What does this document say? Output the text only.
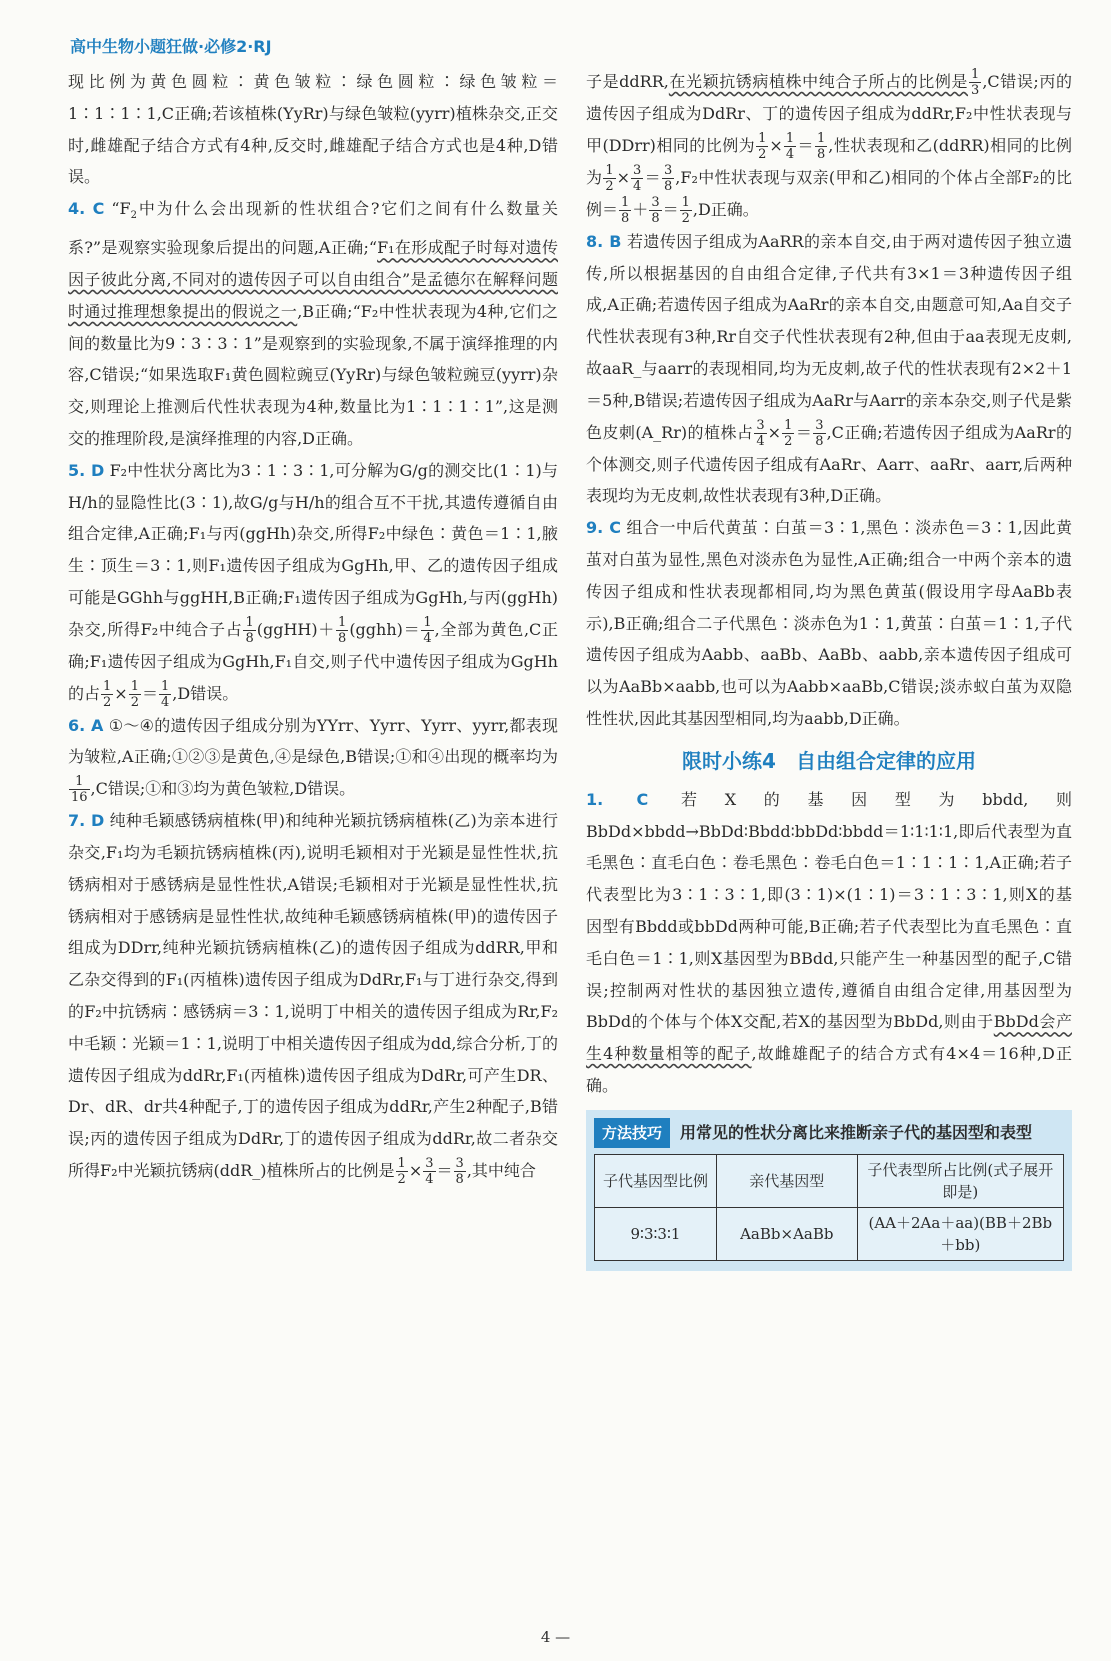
高中生物小题狂做·必修2·RJ

现比例为黄色圆粒∶黄色皱粒∶绿色圆粒∶绿色皱粒＝1∶1∶1∶1,C正确;若该植株(YyRr)与绿色皱粒(yyrr)植株杂交,正交时,雌雄配子结合方式有4种,反交时,雌雄配子结合方式也是4种,D错误。

4. C “$F_2$中为什么会出现新的性状组合?它们之间有什么数量关系?”是观察实验现象后提出的问题,A正确;“F₁在形成配子时每对遗传因子彼此分离,不同对的遗传因子可以自由组合”是孟德尔在解释问题时通过推理想象提出的假说之一,B正确;“F₂中性状表现为4种,它们之间的数量比为9∶3∶3∶1”是观察到的实验现象,不属于演绎推理的内容,C错误;“如果选取F₁黄色圆粒豌豆(YyRr)与绿色皱粒豌豆(yyrr)杂交,则理论上推测后代性状表现为4种,数量比为1∶1∶1∶1”,这是测交的推理阶段,是演绎推理的内容,D正确。

5. D F₂中性状分离比为3∶1∶3∶1,可分解为G/g的测交比(1∶1)与H/h的显隐性比(3∶1),故G/g与H/h的组合互不干扰,其遗传遵循自由组合定律,A正确;F₁与丙(ggHh)杂交,所得F₂中绿色∶黄色＝1∶1,腋生∶顶生＝3∶1,则F₁遗传因子组成为GgHh,甲、乙的遗传因子组成可能是GGhh与ggHH,B正确;F₁遗传因子组成为GgHh,与丙(ggHh)杂交,所得F₂中纯合子占 $\frac{1}{8}$ (ggHH)＋ $\frac{1}{8}$ (gghh)＝ $\frac{1}{4}$ ,全部为黄色,C正确;F₁遗传因子组成为GgHh,F₁自交,则子代中遗传因子组成为GgHh的占 $\frac{1}{2} \times \frac{1}{2} = \frac{1}{4} ,D$错误。

6. A ①～④的遗传因子组成分别为YYrr、Yyrr、Yyrr、yyrr,都表现为皱粒,A正确;①②③是黄色,④是绿色,B错误;①和④出现的概率均为
$\frac{1}{16} ,C$错误;①和③均为黄色皱粒,D错误。

7. D 纯种毛颖感锈病植株(甲)和纯种光颖抗锈病植株(乙)为亲本进行杂交,F₁均为毛颖抗锈病植株(丙),说明毛颖相对于光颖是显性性状,抗锈病相对于感锈病是显性性状,A错误;毛颖相对于光颖是显性性状,抗锈病相对于感锈病是显性性状,故纯种毛颖感锈病植株(甲)的遗传因子组成为DDrr,纯种光颖抗锈病植株(乙)的遗传因子组成为ddRR,甲和乙杂交得到的F₁(丙植株)遗传因子组成为DdRr,F₁与丁进行杂交,得到的F₂中抗锈病∶感锈病＝3∶1,说明丁中相关的遗传因子组成为Rr,F₂中毛颖∶光颖＝1∶1,说明丁中相关遗传因子组成为dd,综合分析,丁的遗传因子组成为ddRr,F₁(丙植株)遗传因子组成为DdRr,可产生DR、Dr、dR、dr共4种配子,丁的遗传因子组成为ddRr,产生2种配子,B错误;丙的遗传因子组成为DdRr,丁的遗传因子组成为ddRr,故二者杂交所得F₂中光颖抗锈病(ddR_)植株所占的比例是 $\frac{1}{2} \times \frac{3}{4} = \frac{3}{8}$ ,其中纯合

子是ddRR,在光颖抗锈病植株中纯合子所占的比例是 $\frac{1}{3} ,C$错误;丙的遗传因子组成为DdRr、丁的遗传因子组成为ddRr,F₂中性状表现与甲(DDrr)相同的比例为 $\frac{1}{2} \times \frac{1}{4} = \frac{1}{8}$ ,性状表现和乙(ddRR)相同的比例为 $\frac{1}{2} \times \frac{3}{4} = \frac{3}{8} ,F_2$中性状表现与双亲(甲和乙)相同的个体占全部F₂的比例＝ $\frac{1}{8} + \frac{3}{8} = \frac{1}{2} ,D$正确。

8. B 若遗传因子组成为AaRR的亲本自交,由于两对遗传因子独立遗传,所以根据基因的自由组合定律,子代共有3×1＝3种遗传因子组成,A正确;若遗传因子组成为AaRr的亲本自交,由题意可知,Aa自交子代性状表现有3种,Rr自交子代性状表现有2种,但由于aa表现无皮刺,故aaR_与aarr的表现相同,均为无皮刺,故子代的性状表现有2×2＋1＝5种,B错误;若遗传因子组成为AaRr与Aarr的亲本杂交,则子代是紫色皮刺(A_Rr)的植株占 $\frac{3}{4} \times \frac{1}{2} = \frac{3}{8} ,C$正确;若遗传因子组成为AaRr的个体测交,则子代遗传因子组成有AaRr、Aarr、aaRr、aarr,后两种表现均为无皮刺,故性状表现有3种,D正确。

9. C 组合一中后代黄茧∶白茧＝3∶1,黑色∶淡赤色＝3∶1,因此黄茧对白茧为显性,黑色对淡赤色为显性,A正确;组合一中两个亲本的遗传因子组成和性状表现都相同,均为黑色黄茧(假设用字母AaBb表示),B正确;组合二子代黑色∶淡赤色为1∶1,黄茧∶白茧＝1∶1,子代遗传因子组成为Aabb、aaBb、AaBb、aabb,亲本遗传因子组成可以为AaBb×aabb,也可以为Aabb×aaBb,C错误;淡赤蚁白茧为双隐性性状,因此其基因型相同,均为aabb,D正确。

限时小练4　自由组合定律的应用

1. C 若X的基因型为bbdd,则BbDd×bbdd→BbDd∶Bbdd∶bbDd∶bbdd＝1∶1∶1∶1,即后代表型为直毛黑色∶直毛白色∶卷毛黑色∶卷毛白色＝1∶1∶1∶1,A正确;若子代表型比为3∶1∶3∶1,即(3∶1)×(1∶1)＝3∶1∶3∶1,则X的基因型有Bbdd或bbDd两种可能,B正确;若子代表型比为直毛黑色∶直毛白色＝1∶1,则X基因型为BBdd,只能产生一种基因型的配子,C错误;控制两对性状的基因独立遗传,遵循自由组合定律,用基因型为BbDd的个体与个体X交配,若X的基因型为BbDd,则由于BbDd会产生4种数量相等的配子,故雌雄配子的结合方式有4×4＝16种,D正确。

方法技巧 用常见的性状分离比来推断亲子代的基因型和表型
子代基因型比例	亲代基因型	子代表型所占比例(式子展开即是)
9∶3∶3∶1	AaBb×AaBb	(AA＋2Aa＋aa)(BB＋2Bb＋bb)
4 —
